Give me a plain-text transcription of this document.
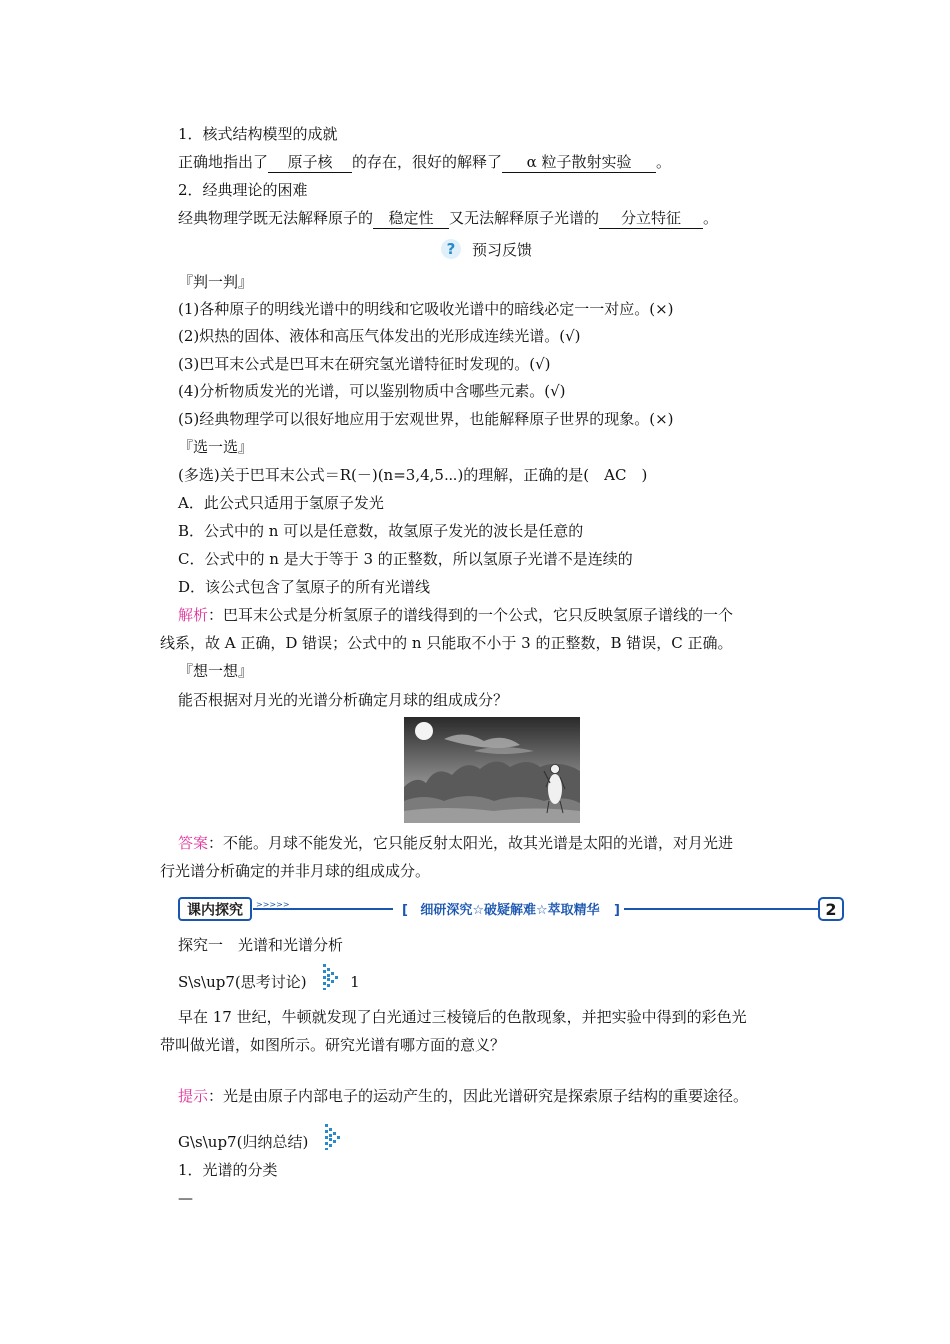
1．核式结构模型的成就
正确地指出了 原子核 的存在，很好的解释了 α 粒子散射实验 。
2．经典理论的困难
经典物理学既无法解释原子的 稳定性 又无法解释原子光谱的 分立特征 。
? 预习反馈
『判一判』
(1)各种原子的明线光谱中的明线和它吸收光谱中的暗线必定一一对应。(×)
(2)炽热的固体、液体和高压气体发出的光形成连续光谱。(√)
(3)巴耳末公式是巴耳末在研究氢光谱特征时发现的。(√)
(4)分析物质发光的光谱，可以鉴别物质中含哪些元素。(√)
(5)经典物理学可以很好地应用于宏观世界，也能解释原子世界的现象。(×)
『选一选』
(多选)关于巴耳末公式＝R(－)(n=3,4,5⋯)的理解，正确的是(　AC　)
A．此公式只适用于氢原子发光
B．公式中的 n 可以是任意数，故氢原子发光的波长是任意的
C．公式中的 n 是大于等于 3 的正整数，所以氢原子光谱不是连续的
D．该公式包含了氢原子的所有光谱线
解析：巴耳末公式是分析氢原子的谱线得到的一个公式，它只反映氢原子谱线的一个
线系，故 A 正确，D 错误；公式中的 n 只能取不小于 3 的正整数，B 错误，C 正确。
『想一想』
能否根据对月光的光谱分析确定月球的组成成分？
答案：不能。月球不能发光，它只能反射太阳光，故其光谱是太阳的光谱，对月光进
行光谱分析确定的并非月球的组成成分。
课内探究 >>>>>	[ 细研深究☆破疑解难☆萃取精华 ]	2
探究一　光谱和光谱分析
S\s\up7(思考讨论)	1
早在 17 世纪，牛顿就发现了白光通过三棱镜后的色散现象，并把实验中得到的彩色光
带叫做光谱，如图所示。研究光谱有哪方面的意义？
提示：光是由原子内部电子的运动产生的，因此光谱研究是探索原子结构的重要途径。
G\s\up7(归纳总结)
1．光谱的分类
—
